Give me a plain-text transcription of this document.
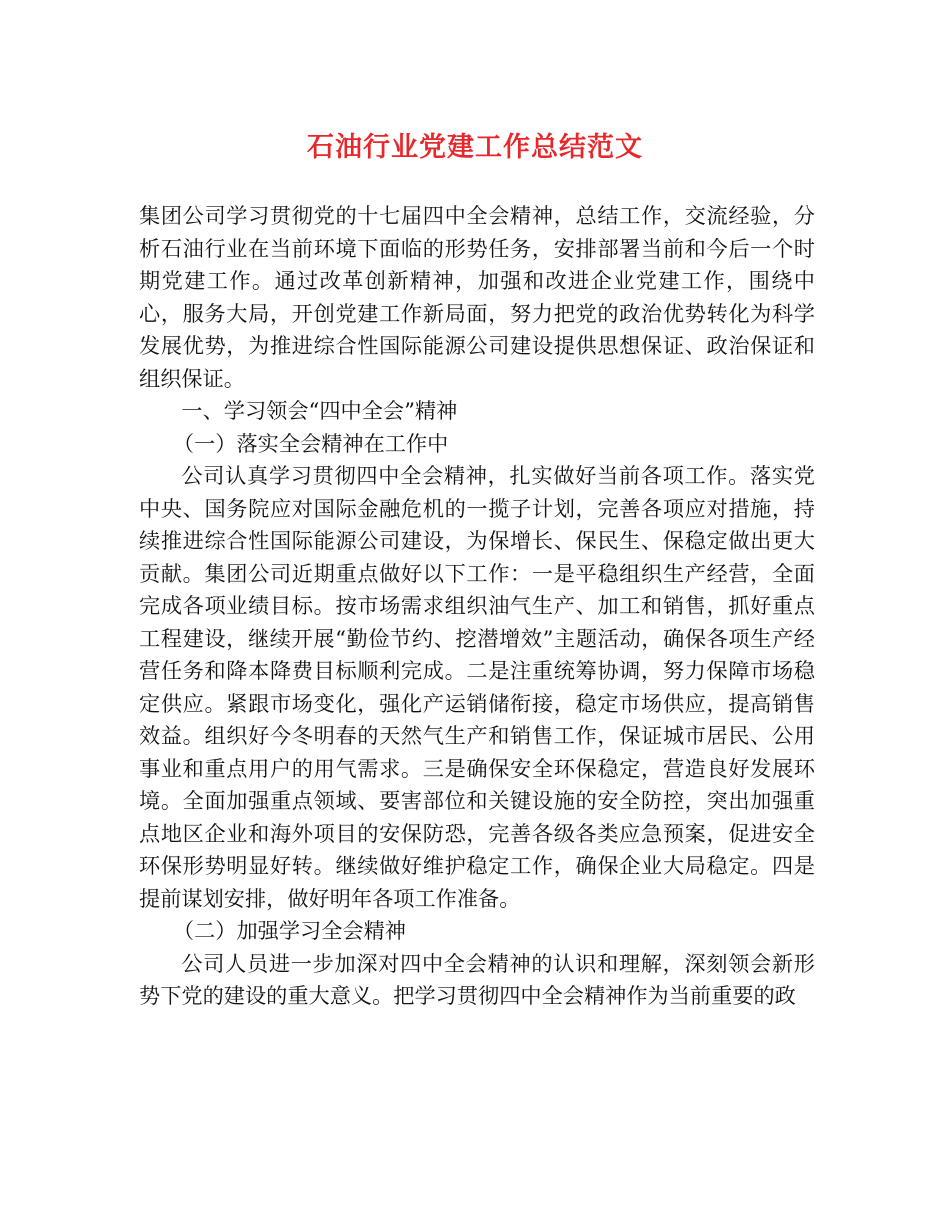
石油行业党建工作总结范文

集团公司学习贯彻党的十七届四中全会精神，总结工作，交流经验，分析石油行业在当前环境下面临的形势任务，安排部署当前和今后一个时期党建工作。通过改革创新精神，加强和改进企业党建工作，围绕中心，服务大局，开创党建工作新局面，努力把党的政治优势转化为科学发展优势，为推进综合性国际能源公司建设提供思想保证、政治保证和组织保证。

一、学习领会“四中全会”精神

（一）落实全会精神在工作中

公司认真学习贯彻四中全会精神，扎实做好当前各项工作。落实党中央、国务院应对国际金融危机的一揽子计划，完善各项应对措施，持续推进综合性国际能源公司建设，为保增长、保民生、保稳定做出更大贡献。集团公司近期重点做好以下工作：一是平稳组织生产经营，全面完成各项业绩目标。按市场需求组织油气生产、加工和销售，抓好重点工程建设，继续开展“勤俭节约、挖潜增效”主题活动，确保各项生产经营任务和降本降费目标顺利完成。二是注重统筹协调，努力保障市场稳定供应。紧跟市场变化，强化产运销储衔接，稳定市场供应，提高销售效益。组织好今冬明春的天然气生产和销售工作，保证城市居民、公用事业和重点用户的用气需求。三是确保安全环保稳定，营造良好发展环境。全面加强重点领域、要害部位和关键设施的安全防控，突出加强重点地区企业和海外项目的安保防恐，完善各级各类应急预案，促进安全环保形势明显好转。继续做好维护稳定工作，确保企业大局稳定。四是提前谋划安排，做好明年各项工作准备。

（二）加强学习全会精神

公司人员进一步加深对四中全会精神的认识和理解，深刻领会新形势下党的建设的重大意义。把学习贯彻四中全会精神作为当前重要的政
